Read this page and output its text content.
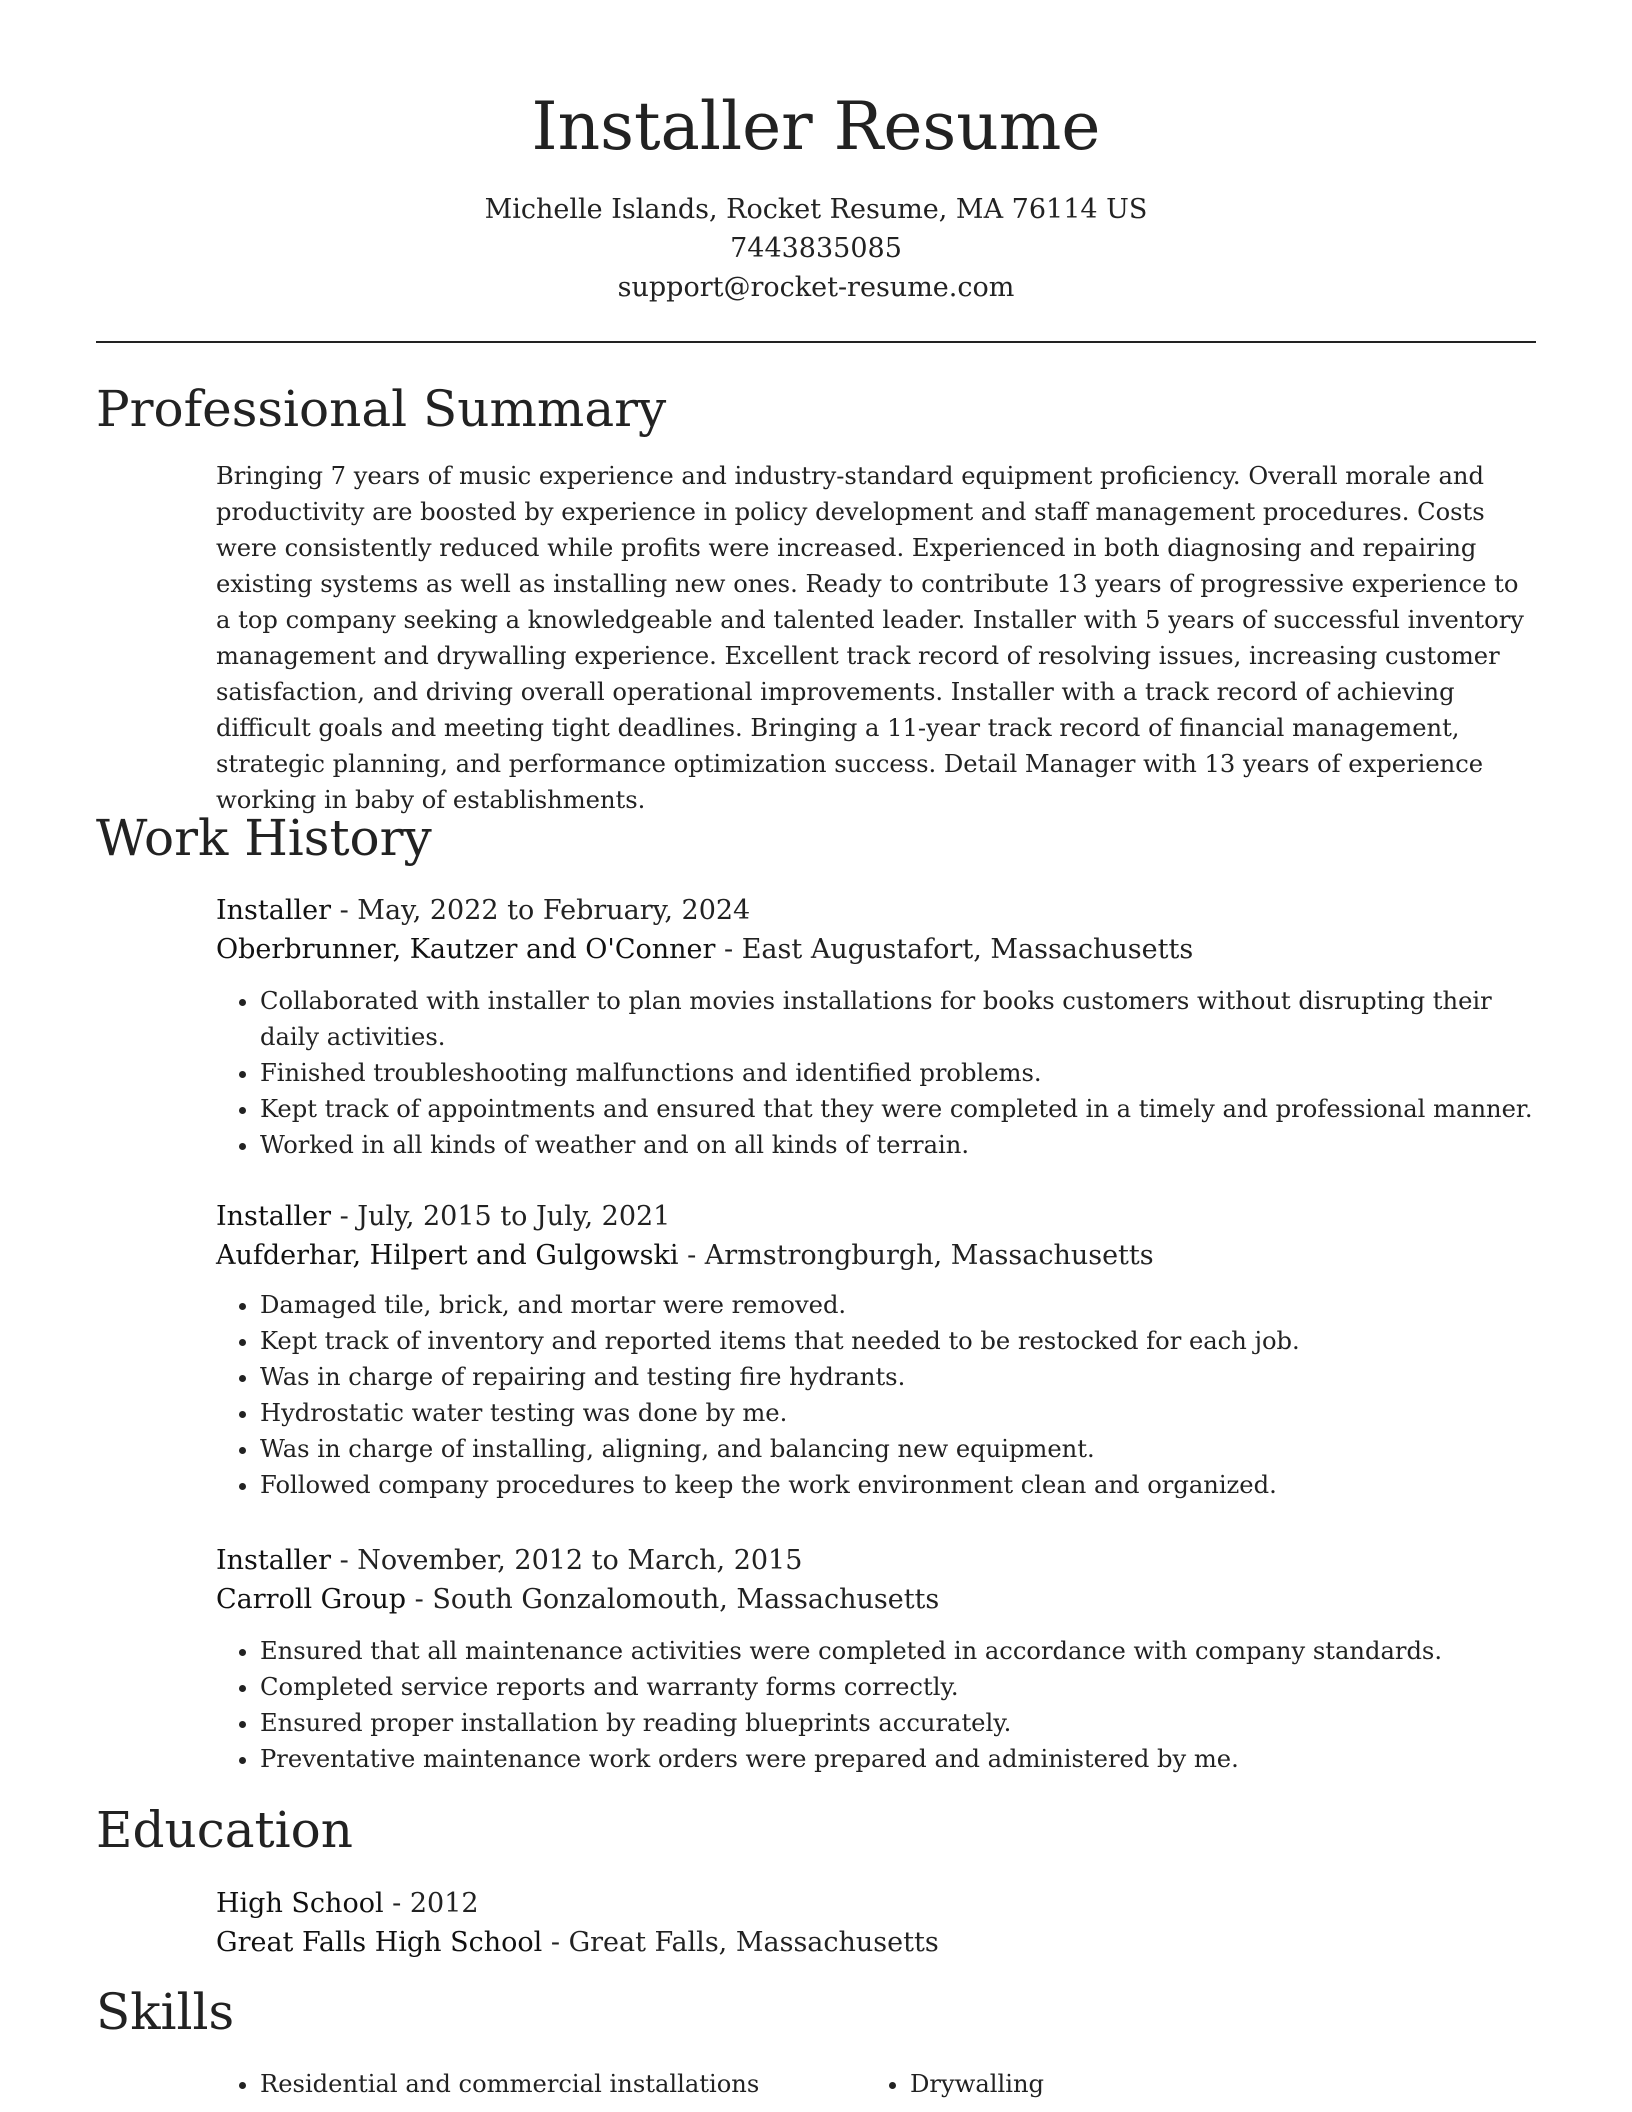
Installer Resume
Michelle Islands, Rocket Resume, MA 76114 US
7443835085
support@rocket-resume.com
Professional Summary

Bringing 7 years of music experience and industry-standard equipment proficiency. Overall morale and productivity are boosted by experience in policy development and staff management procedures. Costs were consistently reduced while profits were increased. Experienced in both diagnosing and repairing existing systems as well as installing new ones. Ready to contribute 13 years of progressive experience to a top company seeking a knowledgeable and talented leader. Installer with 5 years of successful inventory management and drywalling experience. Excellent track record of resolving issues, increasing customer satisfaction, and driving overall operational improvements. Installer with a track record of achieving difficult goals and meeting tight deadlines. Bringing a 11-year track record of financial management, strategic planning, and performance optimization success. Detail Manager with 13 years of experience working in baby of establishments.

Work History
Installer - May, 2022 to February, 2024
Oberbrunner, Kautzer and O'Conner - East Augustafort, Massachusetts
• Collaborated with installer to plan movies installations for books customers without disrupting their daily activities.
• Finished troubleshooting malfunctions and identified problems.
• Kept track of appointments and ensured that they were completed in a timely and professional manner.
• Worked in all kinds of weather and on all kinds of terrain.
Installer - July, 2015 to July, 2021
Aufderhar, Hilpert and Gulgowski - Armstrongburgh, Massachusetts
• Damaged tile, brick, and mortar were removed.
• Kept track of inventory and reported items that needed to be restocked for each job.
• Was in charge of repairing and testing fire hydrants.
• Hydrostatic water testing was done by me.
• Was in charge of installing, aligning, and balancing new equipment.
• Followed company procedures to keep the work environment clean and organized.
Installer - November, 2012 to March, 2015
Carroll Group - South Gonzalomouth, Massachusetts
• Ensured that all maintenance activities were completed in accordance with company standards.
• Completed service reports and warranty forms correctly.
• Ensured proper installation by reading blueprints accurately.
• Preventative maintenance work orders were prepared and administered by me.
Education
High School - 2012
Great Falls High School - Great Falls, Massachusetts
Skills
• Residential and commercial installations
•	Drywalling
